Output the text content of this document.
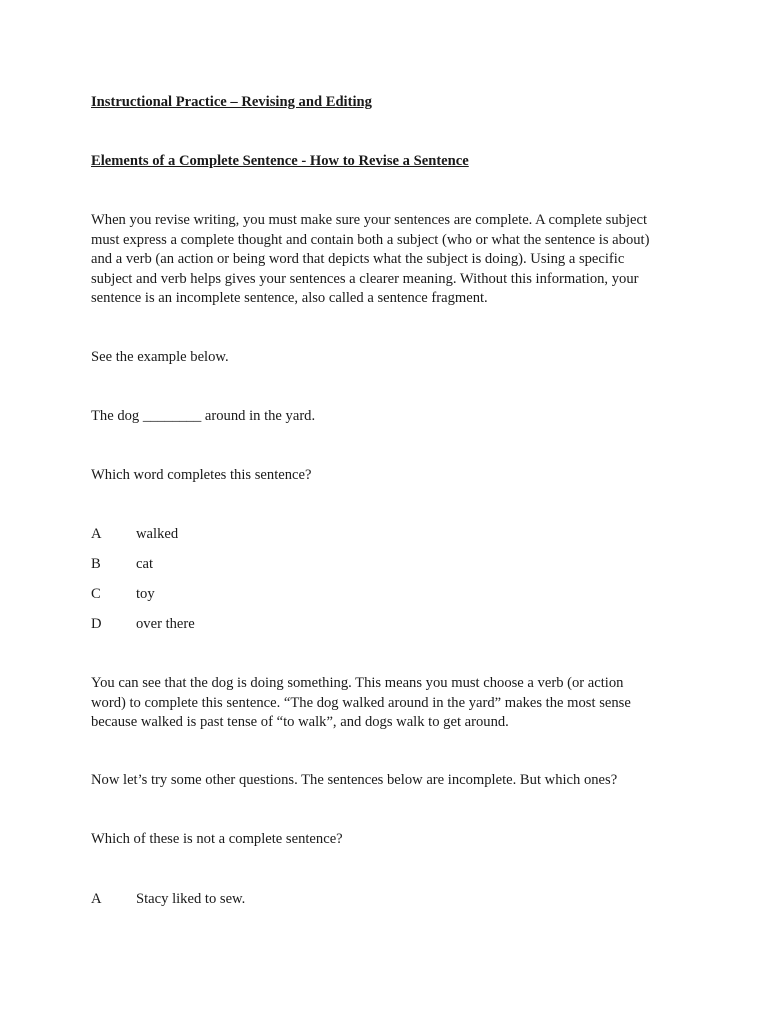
Instructional Practice – Revising and Editing
Elements of a Complete Sentence - How to Revise a Sentence
When you revise writing, you must make sure your sentences are complete. A complete subject
must express a complete thought and contain both a subject (who or what the sentence is about)
and a verb (an action or being word that depicts what the subject is doing). Using a specific
subject and verb helps gives your sentences a clearer meaning. Without this information, your
sentence is an incomplete sentence, also called a sentence fragment.
See the example below.
The dog ________ around in the yard.
Which word completes this sentence?
A walked
B cat
C toy
D over there
You can see that the dog is doing something. This means you must choose a verb (or action
word) to complete this sentence. “The dog walked around in the yard” makes the most sense
because walked is past tense of “to walk”, and dogs walk to get around.
Now let’s try some other questions. The sentences below are incomplete. But which ones?
Which of these is not a complete sentence?
A Stacy liked to sew.
